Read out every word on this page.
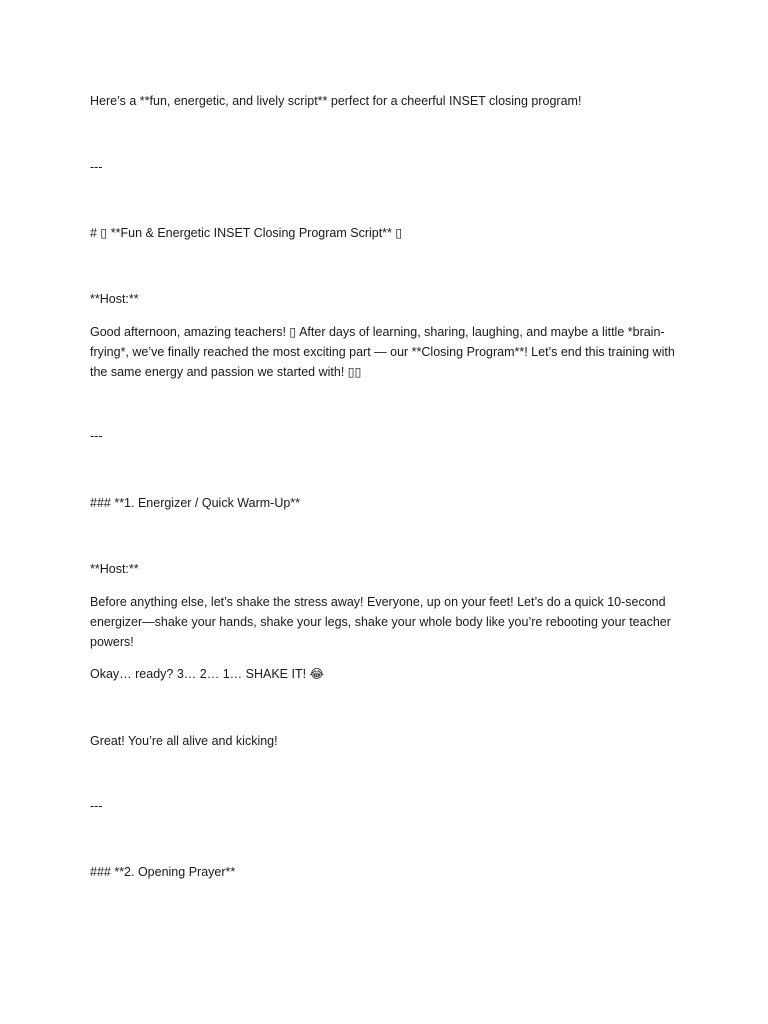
Here’s a **fun, energetic, and lively script** perfect for a cheerful INSET closing program!

---

# ▯ **Fun & Energetic INSET Closing Program Script** ▯

**Host:**

Good afternoon, amazing teachers! ▯ After days of learning, sharing, laughing, and maybe a little *brain-frying*, we’ve finally reached the most exciting part — our **Closing Program**! Let’s end this training with the same energy and passion we started with! ▯▯

---

### **1. Energizer / Quick Warm-Up**

**Host:**

Before anything else, let’s shake the stress away! Everyone, up on your feet! Let’s do a quick 10-second energizer—shake your hands, shake your legs, shake your whole body like you’re rebooting your teacher powers!

Okay… ready? 3… 2… 1… SHAKE IT! 😂

Great! You’re all alive and kicking!

---

### **2. Opening Prayer**
